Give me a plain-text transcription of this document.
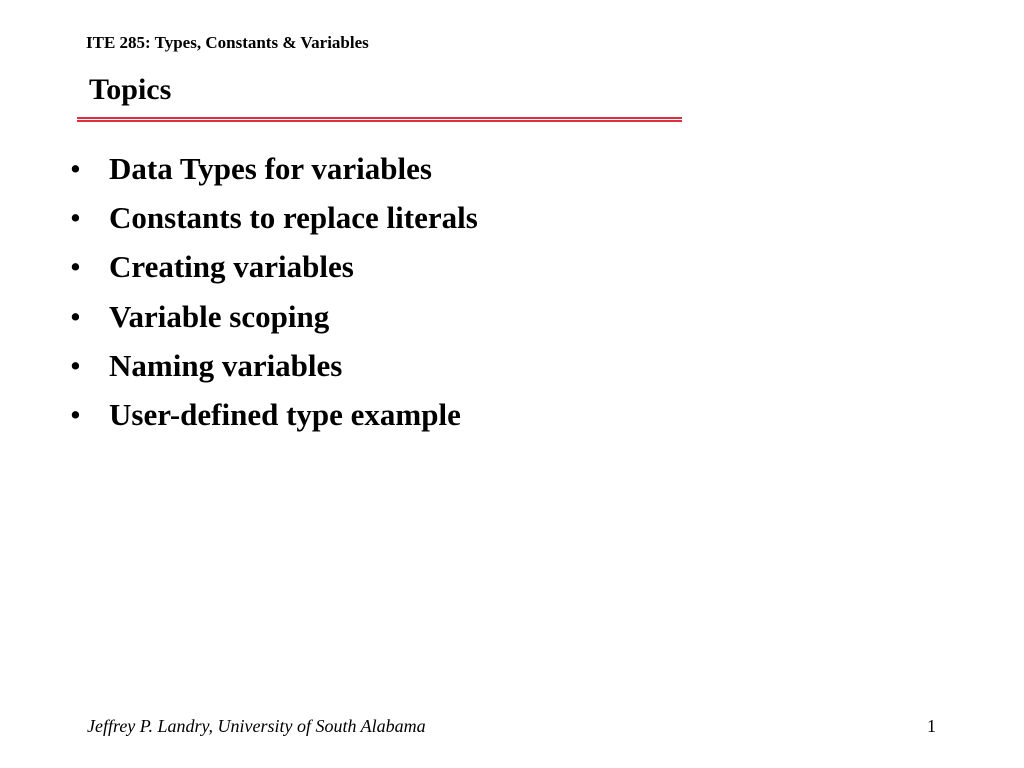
ITE 285: Types, Constants & Variables
Topics
• Data Types for variables
• Constants to replace literals
• Creating variables
• Variable scoping
• Naming variables
• User-defined type example
Jeffrey P. Landry, University of South Alabama	1
